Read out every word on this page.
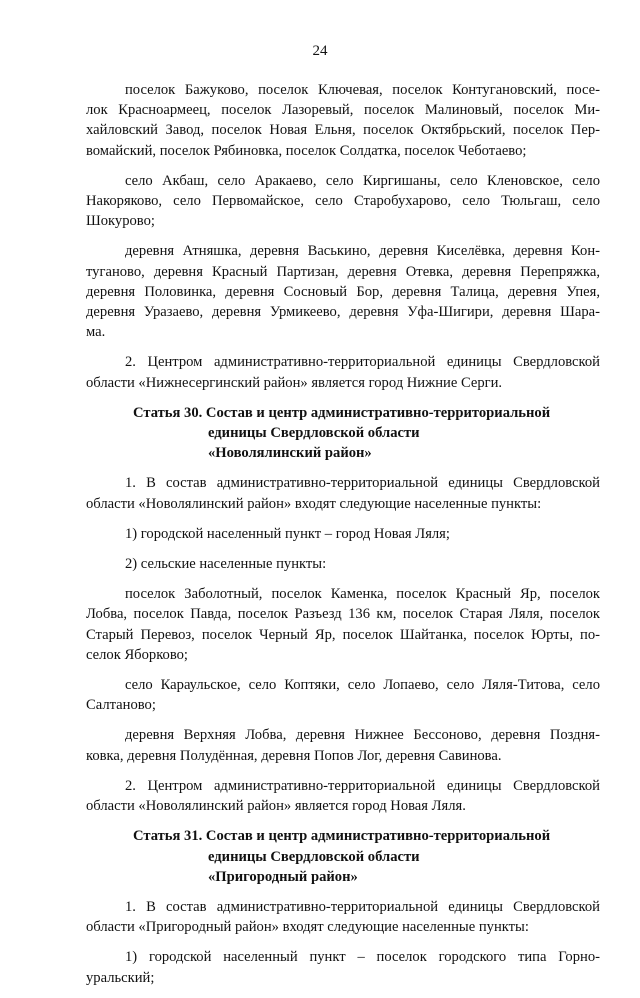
24
поселок Бажуково, поселок Ключевая, поселок Контугановский, посе-
лок Красноармеец, поселок Лазоревый, поселок Малиновый, поселок Ми-
хайловский Завод, поселок Новая Ельня, поселок Октябрьский, поселок Пер-
вомайский, поселок Рябиновка, поселок Солдатка, поселок Чеботаево;
село Акбаш, село Аракаево, село Киргишаны, село Кленовское, село
Накоряково, село Первомайское, село Старобухарово, село Тюльгаш, село
Шокурово;
деревня Атняшка, деревня Васькино, деревня Киселёвка, деревня Кон-
туганово, деревня Красный Партизан, деревня Отевка, деревня Перепряжка,
деревня Половинка, деревня Сосновый Бор, деревня Талица, деревня Упея,
деревня Уразаево, деревня Урмикеево, деревня Уфа-Шигири, деревня Шара-
ма.
2. Центром административно-территориальной единицы Свердловской
области «Нижнесергинский район» является город Нижние Серги.
Статья 30. Состав и центр административно-территориальной
единицы Свердловской области
«Новолялинский район»
1. В состав административно-территориальной единицы Свердловской
области «Новолялинский район» входят следующие населенные пункты:
1) городской населенный пункт – город Новая Ляля;
2) сельские населенные пункты:
поселок Заболотный, поселок Каменка, поселок Красный Яр, поселок
Лобва, поселок Павда, поселок Разъезд 136 км, поселок Старая Ляля, поселок
Старый Перевоз, поселок Черный Яр, поселок Шайтанка, поселок Юрты, по-
селок Яборково;
село Караульское, село Коптяки, село Лопаево, село Ляля-Титова, село
Салтаново;
деревня Верхняя Лобва, деревня Нижнее Бессоново, деревня Поздня-
ковка, деревня Полудённая, деревня Попов Лог, деревня Савинова.
2. Центром административно-территориальной единицы Свердловской
области «Новолялинский район» является город Новая Ляля.
Статья 31. Состав и центр административно-территориальной
единицы Свердловской области
«Пригородный район»
1. В состав административно-территориальной единицы Свердловской
области «Пригородный район» входят следующие населенные пункты:
1) городской населенный пункт – поселок городского типа Горно-
уральский;
